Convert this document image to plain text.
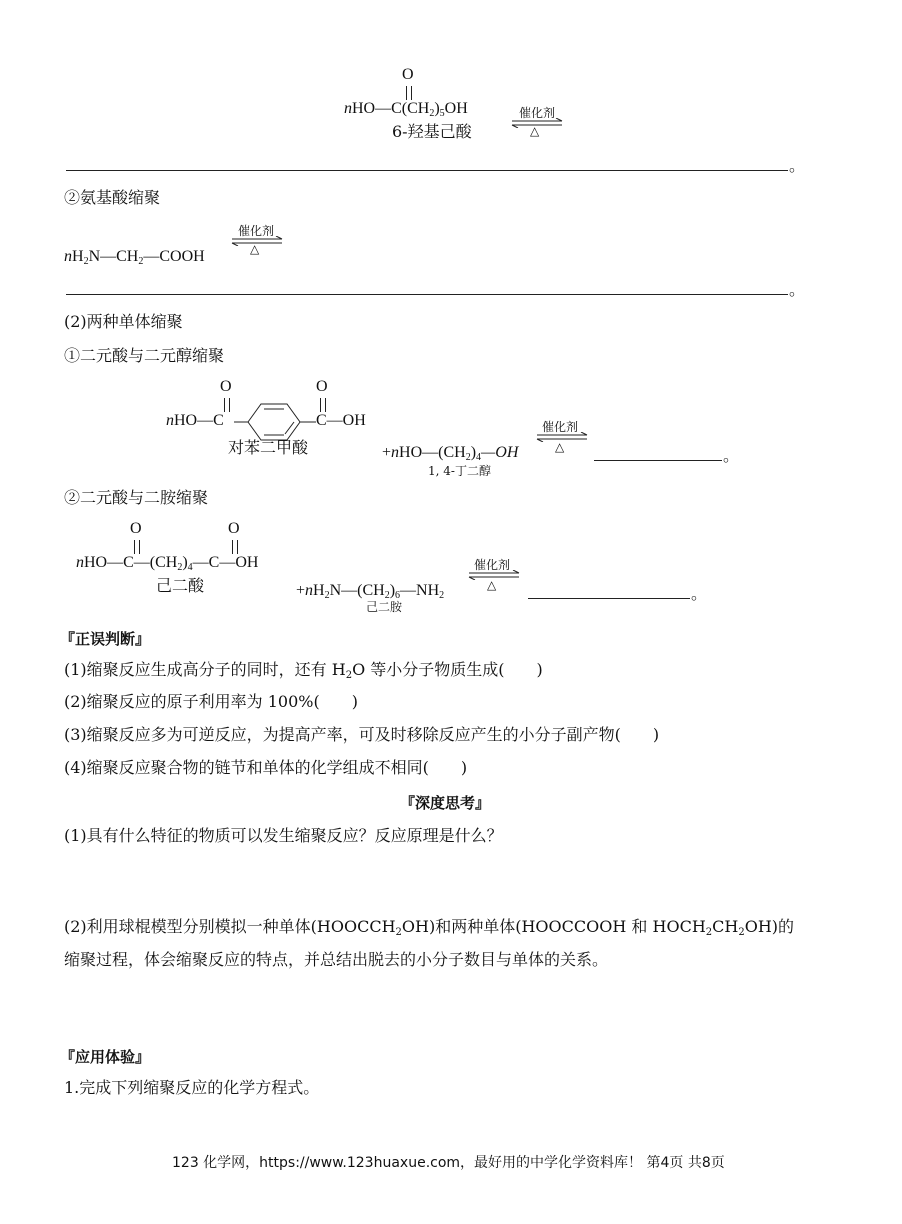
O
$nHO—C(CH_2)_5OH$
6-羟基己酸
催化剂
△
。
②氨基酸缩聚
$nH_2N—CH_2—COOH$
催化剂
△
。
(2)两种单体缩聚
①二元酸与二元醇缩聚
O	O
nHO—C	C—OH
对苯二甲酸	$+nHO—(CH_2)_4—OH$
1, 4-丁二醇
催化剂
△	。
②二元酸与二胺缩聚
O	O
$nHO—C—(CH_2)_4—C—OH$
己二酸	$+nH_2N—(CH_2)_6—NH_2$
己二胺
催化剂
△	。
『正误判断』
(1)缩聚反应生成高分子的同时，还有 $H_2O$ 等小分子物质生成(　　)
(2)缩聚反应的原子利用率为 100%(　　)
(3)缩聚反应多为可逆反应，为提高产率，可及时移除反应产生的小分子副产物(　　)
(4)缩聚反应聚合物的链节和单体的化学组成不相同(　　)
『深度思考』
(1)具有什么特征的物质可以发生缩聚反应？反应原理是什么？
(2)利用球棍模型分别模拟一种单体$(HOOCCH_2OH)$和两种单体(HOOCCOOH 和 $HOCH_2CH_2OH$)的
缩聚过程，体会缩聚反应的特点，并总结出脱去的小分子数目与单体的关系。
『应用体验』
1.完成下列缩聚反应的化学方程式。
123 化学网，https://www.123huaxue.com，最好用的中学化学资料库！ 第4页 共8页
